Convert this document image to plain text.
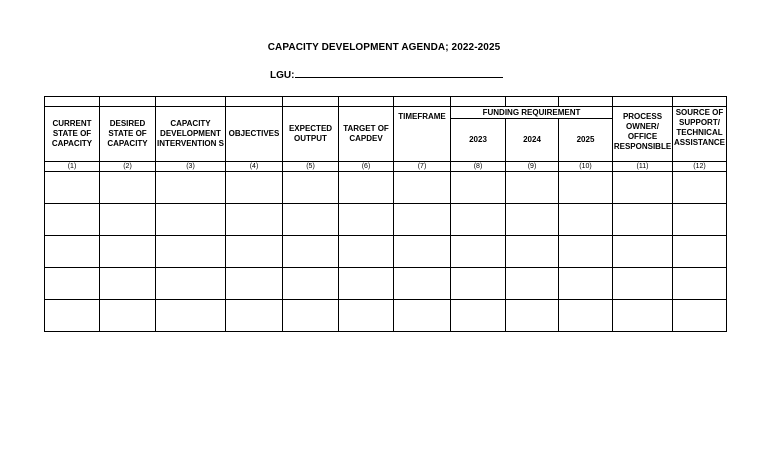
CAPACITY DEVELOPMENT AGENDA; 2022-2025
LGU:

CURRENT STATE OF CAPACITY	DESIRED STATE OF CAPACITY	CAPACITY DEVELOPMENT INTERVENTION S	OBJECTIVES	EXPECTED OUTPUT	TARGET OF CAPDEV	TIMEFRAME	FUNDING REQUIREMENT			PROCESS OWNER/ OFFICE RESPONSIBLE	SOURCE OF SUPPORT/ TECHNICAL ASSISTANCE
							2023	2024	2025		
(1)	(2)	(3)	(4)	(5)	(6)	(7)	(8)	(9)	(10)	(11)	(12)
